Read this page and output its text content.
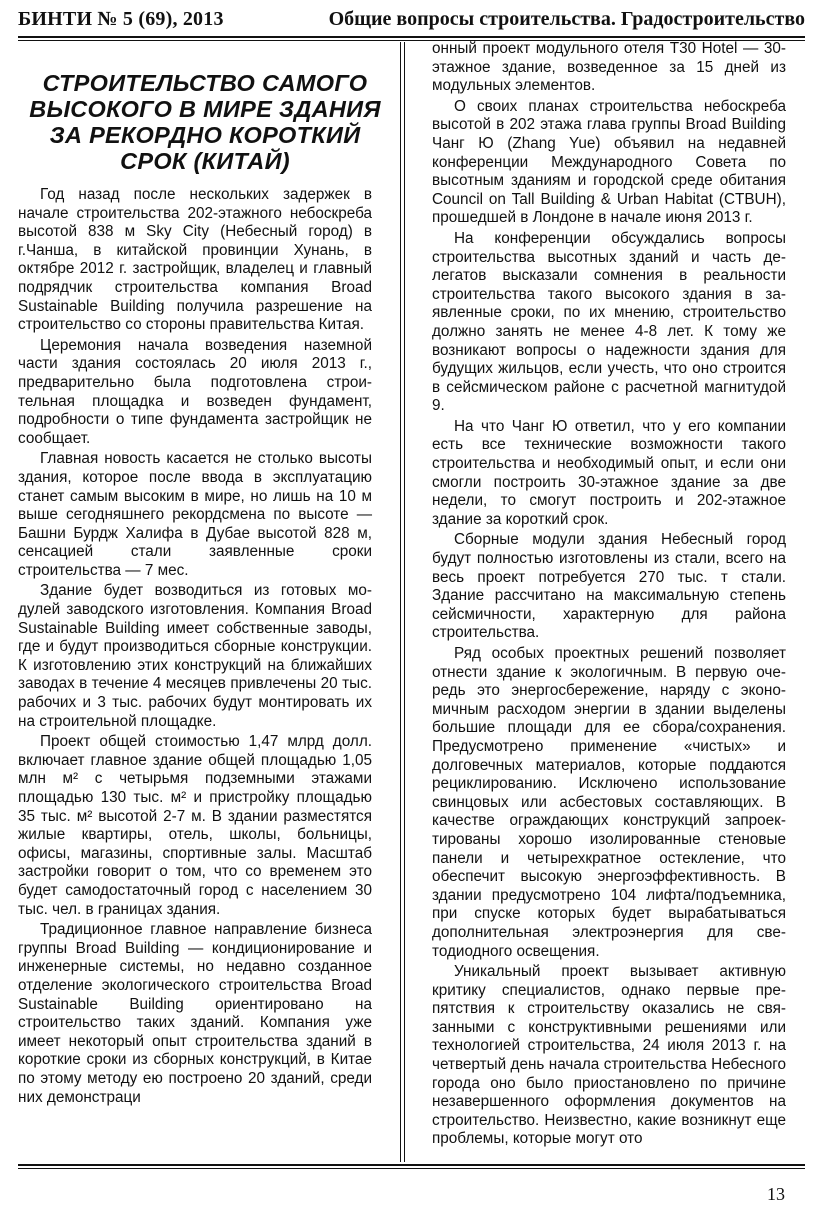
БИНТИ № 5 (69), 2013	Общие вопросы строительства. Градостроительство
СТРОИТЕЛЬСТВО САМОГО
ВЫСОКОГО В МИРЕ ЗДАНИЯ
ЗА РЕКОРДНО КОРОТКИЙ
СРОК (КИТАЙ)

Год назад после нескольких задержек в начале строительства 202-этажного небоскреба высотой 838 м Sky City (Небесный город) в г.Чанша, в китайской провинции Хунань, в октябре 2012 г. застройщик, владелец и главный подрядчик строительства компания Broad Sustainable Building получила разрешение на строительство со стороны правительства Китая.

Церемония начала возведения наземной части здания состоялась 20 июля 2013 г., предварительно была подготовлена строительная площадка и возведен фундамент, подробности о типе фундамента застройщик не сообщает.

Главная новость касается не столько высоты здания, которое после ввода в эксплуатацию станет самым высоким в мире, но лишь на 10 м выше сегодняшнего рекордсмена по высоте — Башни Бурдж Халифа в Дубае высотой 828 м, сенсацией стали заявленные сроки строительства — 7 мес.

Здание будет возводиться из готовых модулей заводского изготовления. Компания Broad Sustainable Building имеет собственные заводы, где и будут производиться сборные конструкции. К изготовлению этих конструкций на ближайших заводах в течение 4 месяцев привлечены 20 тыс. рабочих и 3 тыс. рабочих будут монтировать их на строительной площадке.

Проект общей стоимостью 1,47 млрд долл. включает главное здание общей площадью 1,05 млн м² с четырьмя подземными этажами площадью 130 тыс. м² и пристройку площадью 35 тыс. м² высотой 2-7 м. В здании разместятся жилые квартиры, отель, школы, больницы, офисы, магазины, спортивные залы. Масштаб застройки говорит о том, что со временем это будет самодостаточный город с населением 30 тыс. чел. в границах здания.

Традиционное главное направление бизнеса группы Broad Building — кондиционирование и инженерные системы, но недавно созданное отделение экологического строительства Broad Sustainable Building ориентировано на строительство таких зданий. Компания уже имеет некоторый опыт строительства зданий в короткие сроки из сборных конструкций, в Китае по этому методу ею построено 20 зданий, среди них демонстраци

онный проект модульного отеля T30 Hotel — 30-этажное здание, возведенное за 15 дней из модульных элементов.

О своих планах строительства небоскреба высотой в 202 этажа глава группы Broad Building Чанг Ю (Zhang Yue) объявил на недавней конференции Международного Совета по высотным зданиям и городской среде обитания Council on Tall Building & Urban Habitat (CTBUH), прошедшей в Лондоне в начале июня 2013 г.

На конференции обсуждались вопросы строительства высотных зданий и часть делегатов высказали сомнения в реальности строительства такого высокого здания в заявленные сроки, по их мнению, строительство должно занять не менее 4-8 лет. К тому же возникают вопросы о надежности здания для будущих жильцов, если учесть, что оно строится в сейсмическом районе с расчетной магнитудой 9.

На что Чанг Ю ответил, что у его компании есть все технические возможности такого строительства и необходимый опыт, и если они смогли построить 30-этажное здание за две недели, то смогут построить и 202-этажное здание за короткий срок.

Сборные модули здания Небесный город будут полностью изготовлены из стали, всего на весь проект потребуется 270 тыс. т стали. Здание рассчитано на максимальную степень сейсмичности, характерную для района строительства.

Ряд особых проектных решений позволяет отнести здание к экологичным. В первую очередь это энергосбережение, наряду с экономичным расходом энергии в здании выделены большие площади для ее сбора/сохранения. Предусмотрено применение «чистых» и долговечных материалов, которые поддаются рециклированию. Исключено использование свинцовых или асбестовых составляющих. В качестве ограждающих конструкций запроектированы хорошо изолированные стеновые панели и четырехкратное остекление, что обеспечит высокую энергоэффективность. В здании предусмотрено 104 лифта/подъемника, при спуске которых будет вырабатываться дополнительная электроэнергия для светодиодного освещения.

Уникальный проект вызывает активную критику специалистов, однако первые препятствия к строительству оказались не связанными с конструктивными решениями или технологией строительства, 24 июля 2013 г. на четвертый день начала строительства Небесного города оно было приостановлено по причине незавершенного оформления документов на строительство. Неизвестно, какие возникнут еще проблемы, которые могут ото

13
